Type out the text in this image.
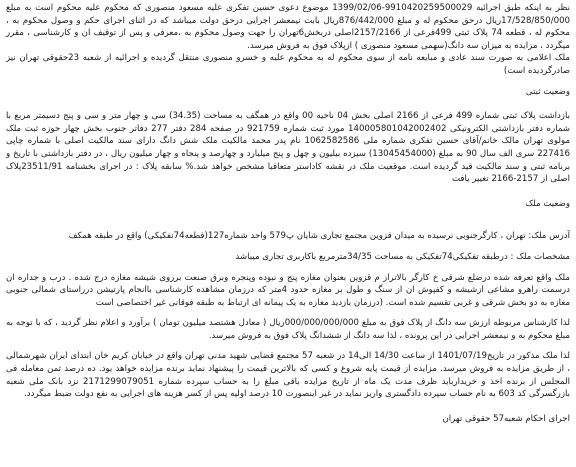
نظر به اینکه طبق اجرائیه 9910420259500029-1399/02/06 موضوع دعوی حسین تفکری علیه مسعود منصوری که محکوم علیه محکوم است به مبلغ 17/528/850/000ریال درحق محکوم له و مبلغ 876/442/000ریال بابت نیمعشر اجرایی درحق دولت میباشد که در اثنای اجرای حکم و وصول محکوم به ، محکوم له ، قطعه 74 پلاک ثبتی 499فرعی از 2157/2166اصلی دربخش6تهران را جهت وصول محکوم به ،معرفی و پس از توقیف ان و کارشناسی ، مقرر میگردد ، مزایده به میزان سه دانگ(سهمی مسعود منصوری ) ازپلاک فوق به فروش میرسد.

ملک اعلامی به صورت سند عادی و مبایعه نامه از سوی محکوم له به محکوم علیه و خسرو منصوری منتقل گردیده و اجرائیه از شعبه 23حقوقی تهران نیز صادرگردیده است)

وضعیت ثبتی

بازداشت پلاک ثبتی شماره 499 فرعی از 2166 اصلی بخش 04 ناحیه 00 واقع در همگف به مساحت (34.35) سی و چهار متر و سی و پنج دسیمتر مربع با شماره دفتر بازداشتی الکترونیکی 140005801042002402 مورد ثبت شماره 921759 در صفحه 284 دفتر 277 دفاتر جنوب بخش چهار حوزه ثبت ملک مولوی تهران مالک خانم/آقای حسین تفکری شماره ملی 1062582586 نام پدر محمد مالکیت ملک شش دانگ دارای سند مالکیت اصلی با شماره چاپی 227416 سری الف سال 90 به مبلغ (13045454000) سیزده بیلیون و چهل و پنج میلیارد و چهارصد و پنجاه و چهار میلیون ریال ، در دفتر بازداشتی با تاریخ و برنامه ثبتی و سند مالکیت قید گردیده است. موقعیت ملک در نقشه کاداستر متعاقبا مشخص خواهد شد.% سابقه پلاک : در اجرای بخشنامه 23511/91پلاک اصلی از 2157-2166 تغییر یافت

وضعیت ملک

آدرس ملک: تهران ، کارگرجنوبی نرسیده به میدان قزوین مجتمع تجاری شایان پ579 واحد شماره127(قطعه74تفکیکی) واقع در طبقه همکف

مشخصات ملک : درطبقه تفکیکی74تفکیکی به مساحت 34/35مترمربع باکاربری تجاری میباشد

ملک واقع تعرفه شده درضلع شرقی خ کارگر بالاتراز م قزوین بعنوان مغازه پنج و نبوده وپنجره وبرق صنعت برروی شیشه مغازه درج شده . درب و جداره ان درسمت راهرو مشاعی ازشیشه و کفپوش ان از سنگ و طول بر مغازه حدود 4متر که درزمان مشاهده کارشناسی باانجام پارتیشن درراستای شمالی جنوبی مغازه به دو بخش شرقی و غربی تقسیم شده است. (درزمان بازدید مغازه به یک پیمانه ای ارتباط به طبقه فوقانی غیر اختصاصی است

لذا کارشناس مربوطه ارزش سه دانگ از پلاک فوق به مبلغ 000/000/000/000ریال ( معادل هشتصد میلیون تومان ) برآورد و اعلام نظر گردید ، که با توجه به مبلغ محکوم به و نیمعشر اجرایی در این پرونده ، لذا سه دانگ از ششدانگ پلاک فوق به فروش میرسد.

لذا ملک مذکور در تاریخ1401/07/19 از ساعت 14/30 الی14 در شعبه 57 مجتمع قضایی شهید مدنی تهران واقع در خیابان کریم خان ابتدای ایران شهرشمالی ، از طریق مزایده به فروش میرسد. مزایده از قیمت پایه شروع و کسی که بالاترین قیمت را پیشنهاد نماید برنده مزایده خواهد بود. ده درصد ثمن معامله فی المجلس از برنده اخذ و خریدارباید ظرف مدت یک ماه از تاریخ مزایده باقی مبلغ را به حساب سپرده شماره 2171299079051 نزد بانک ملی شعبه بازرگسرگی کد 603 به نام حساب سپرده دادگستری واریز نماید در غیر اینصورت 10 درصد اولیه پس از کسر هزینه های اجرایی به نفع دولت ضبط میگردد.

اجرای احکام شعبه57 حقوقی تهران
